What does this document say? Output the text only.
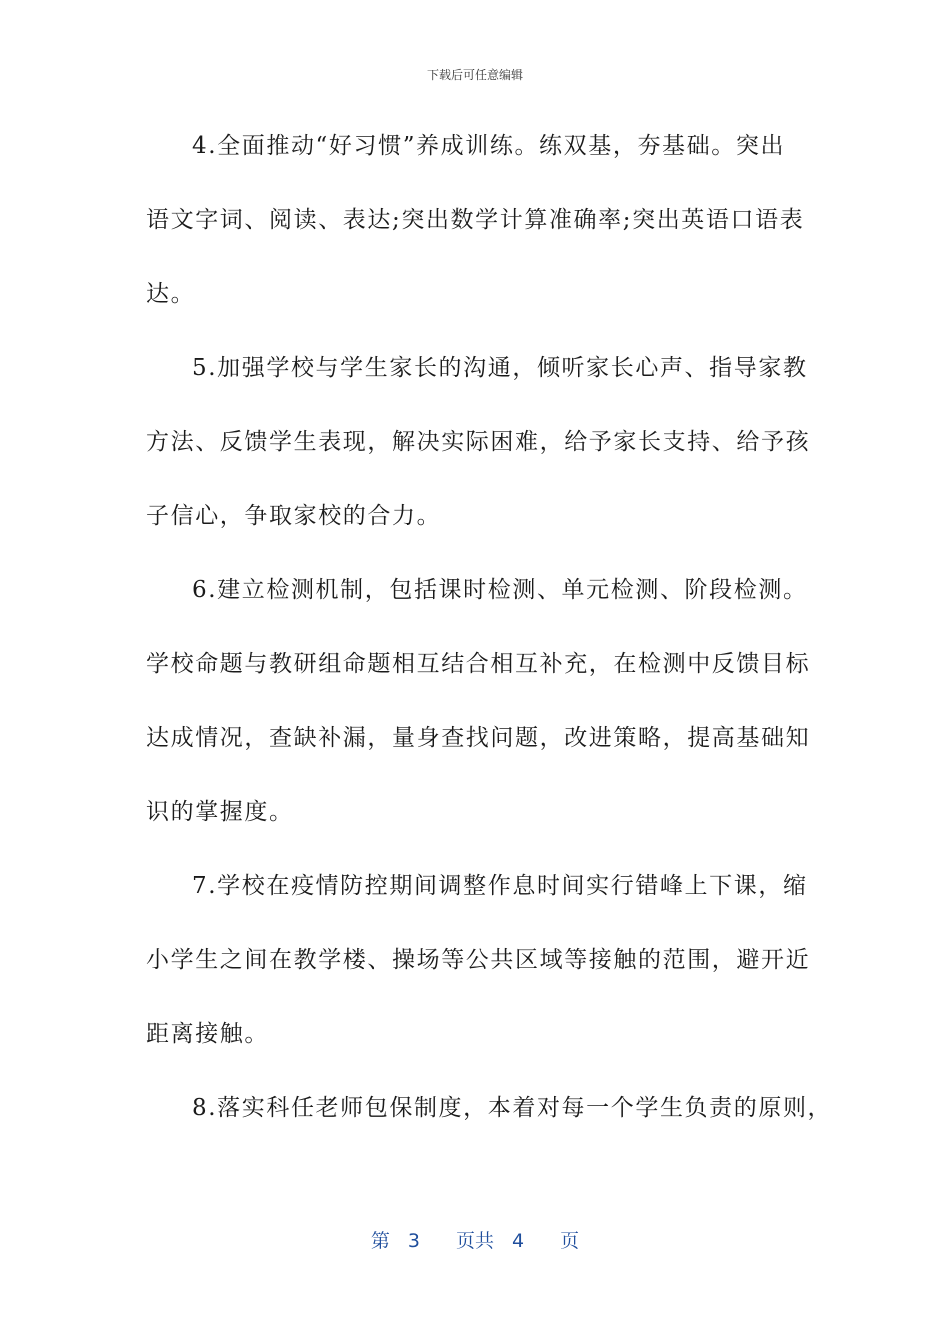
下载后可任意编辑
4.全面推动“好习惯”养成训练。练双基，夯基础。突出
语文字词、阅读、表达;突出数学计算准确率;突出英语口语表
达。
5.加强学校与学生家长的沟通，倾听家长心声、指导家教
方法、反馈学生表现，解决实际困难，给予家长支持、给予孩
子信心，争取家校的合力。
6.建立检测机制，包括课时检测、单元检测、阶段检测。
学校命题与教研组命题相互结合相互补充，在检测中反馈目标
达成情况，查缺补漏，量身查找问题，改进策略，提高基础知
识的掌握度。
7.学校在疫情防控期间调整作息时间实行错峰上下课，缩
小学生之间在教学楼、操场等公共区域等接触的范围，避开近
距离接触。
8.落实科任老师包保制度，本着对每一个学生负责的原则，
第 3 页共 4 页
